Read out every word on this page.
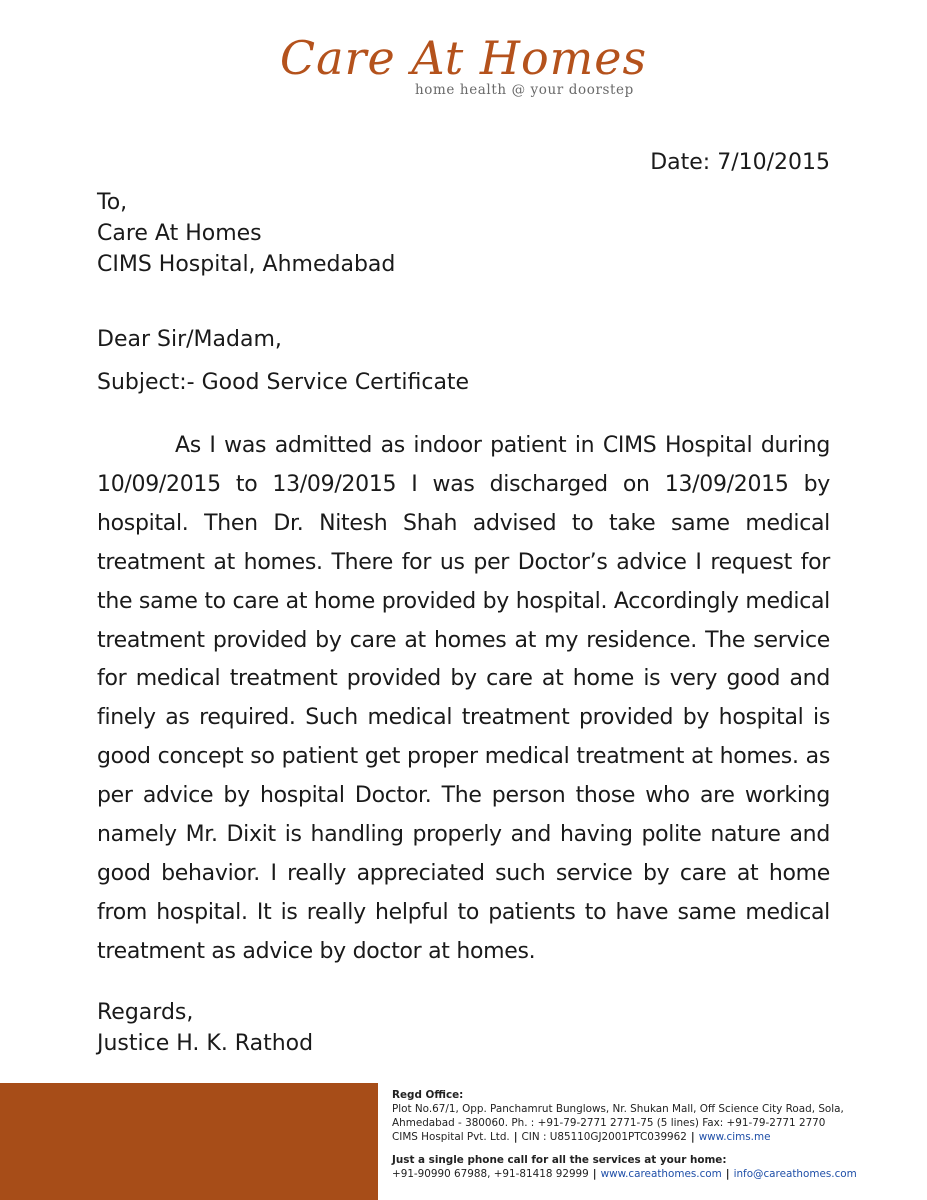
Care At Homes
home health @ your doorstep
Date: 7/10/2015
To,
Care At Homes
CIMS Hospital, Ahmedabad
Dear Sir/Madam,
Subject:- Good Service Certificate

As I was admitted as indoor patient in CIMS Hospital during 10/09/2015 to 13/09/2015 I was discharged on 13/09/2015 by hospital. Then Dr. Nitesh Shah advised to take same medical treatment at homes. There for us per Doctor’s advice I request for the same to care at home provided by hospital. Accordingly medical treatment provided by care at homes at my residence. The service for medical treatment provided by care at home is very good and finely as required. Such medical treatment provided by hospital is good concept so patient get proper medical treatment at homes. as per advice by hospital Doctor. The person those who are working namely Mr. Dixit is handling properly and having polite nature and good behavior. I really appreciated such service by care at home from hospital. It is really helpful to patients to have same medical treatment as advice by doctor at homes.

Regards,
Justice H. K. Rathod
Regd Office:
Plot No.67/1, Opp. Panchamrut Bunglows, Nr. Shukan Mall, Off Science City Road, Sola,
Ahmedabad - 380060. Ph. : +91-79-2771 2771-75 (5 lines) Fax: +91-79-2771 2770
CIMS Hospital Pvt. Ltd. | CIN : U85110GJ2001PTC039962 | www.cims.me
Just a single phone call for all the services at your home:
+91-90990 67988, +91-81418 92999 | www.careathomes.com | info@careathomes.com
